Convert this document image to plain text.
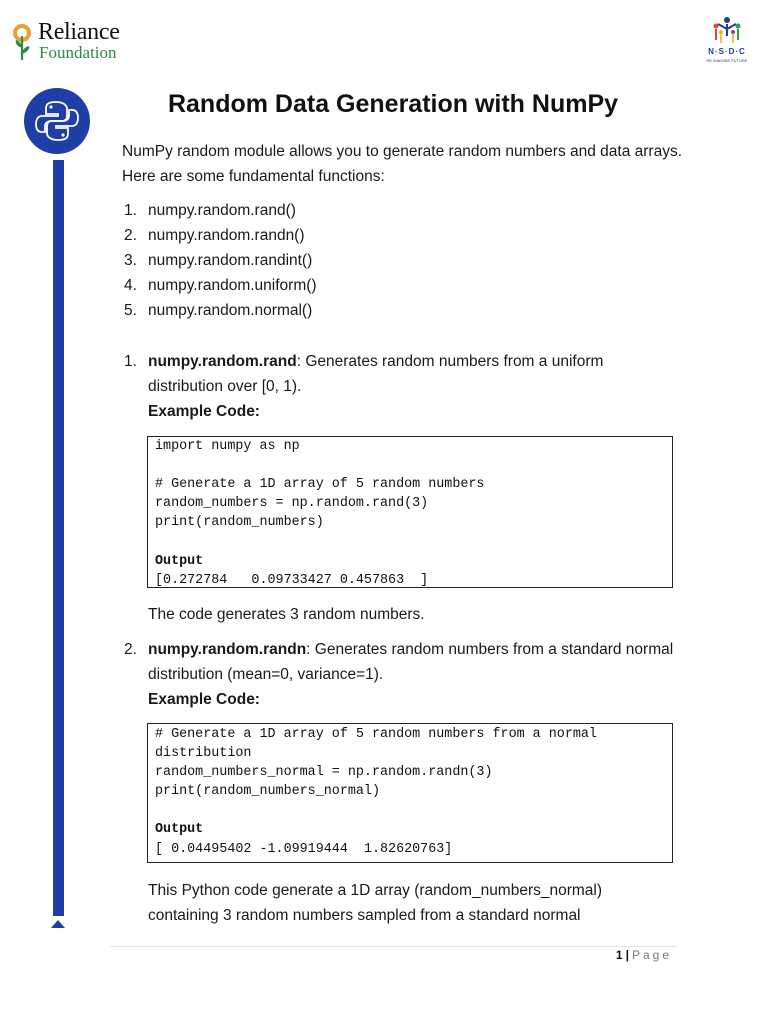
Reliance
Foundation	N·S·D·C
RE IMAGINE FUTURE
Random Data Generation with NumPy
NumPy random module allows you to generate random numbers and data arrays. Here are some fundamental functions:
1. numpy.random.rand()
2. numpy.random.randn()
3. numpy.random.randint()
4. numpy.random.uniform()
5. numpy.random.normal()
1. numpy.random.rand: Generates random numbers from a uniform distribution over [0, 1).
Example Code:
import numpy as np
# Generate a 1D array of 5 random numbers
random_numbers = np.random.rand(3)
print(random_numbers)
Output
[0.272784   0.09733427 0.457863  ]
The code generates 3 random numbers.
2. numpy.random.randn: Generates random numbers from a standard normal distribution (mean=0, variance=1).
Example Code:
# Generate a 1D array of 5 random numbers from a normal
distribution
random_numbers_normal = np.random.randn(3)
print(random_numbers_normal)
Output
[ 0.04495402 -1.09919444  1.82620763]
This Python code generate a 1D array (random_numbers_normal) containing 3 random numbers sampled from a standard normal
1 | Page
